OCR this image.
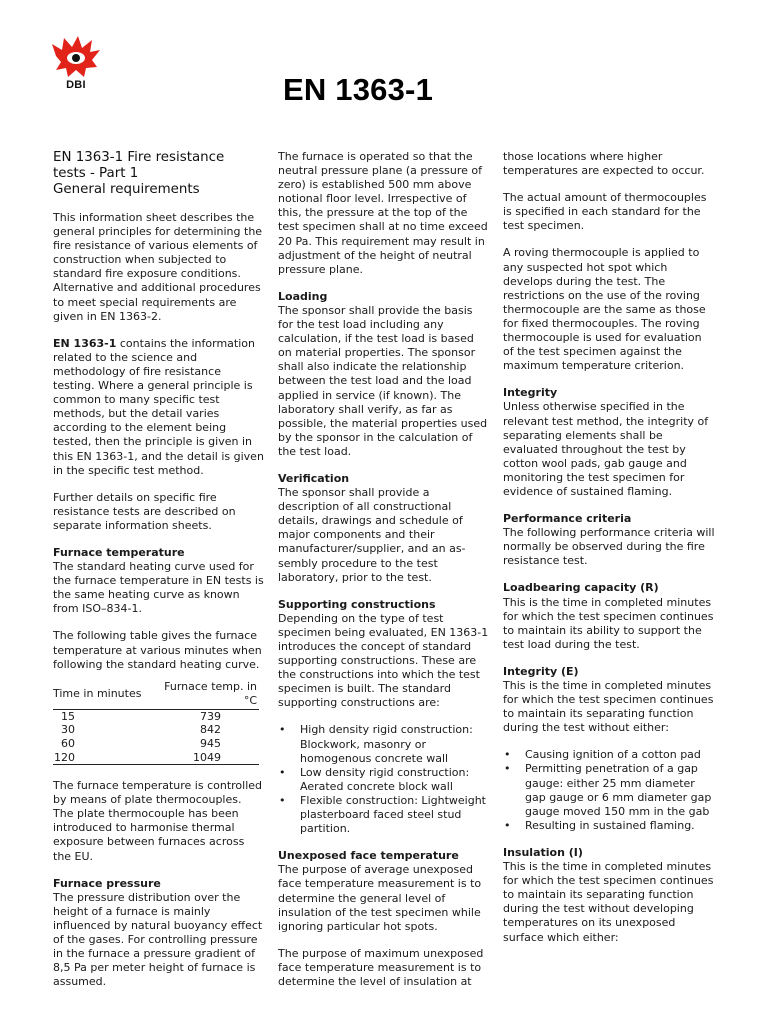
DBI	EN 1363-1
EN 1363-1 Fire resistance
tests - Part 1
General requirements

This information sheet describes the general principles for determining the fire resistance of various elements of construction when subjected to standard fire exposure conditions. Alternative and additional procedures to meet special requirements are given in EN 1363-2.

EN 1363-1 contains the information related to the science and methodology of fire resistance testing. Where a general principle is common to many specific test methods, but the detail varies according to the element being tested, then the principle is given in this EN 1363-1, and the detail is given in the specific test method.

Further details on specific fire resistance tests are described on separate information sheets.

Furnace temperature

The standard heating curve used for the furnace temperature in EN tests is the same heating curve as known from ISO–834-1.

The following table gives the furnace temperature at various minutes when following the standard heating curve.

Time in minutes		Furnace temp. in °C
15		739
30		842
60		945
120		1049

The furnace temperature is controlled by means of plate thermocouples. The plate thermocouple has been introduced to harmonise thermal exposure between furnaces across the EU.

Furnace pressure

The pressure distribution over the height of a furnace is mainly influenced by natural buoyancy effect of the gases. For controlling pressure in the furnace a pressure gradient of 8,5 Pa per meter height of furnace is assumed.

The furnace is operated so that the neutral pressure plane (a pressure of zero) is established 500 mm above notional floor level. Irrespective of this, the pressure at the top of the test specimen shall at no time exceed 20 Pa. This requirement may result in adjustment of the height of neutral pressure plane.

Loading

The sponsor shall provide the basis for the test load including any calculation, if the test load is based on material properties. The sponsor shall also indicate the relationship between the test load and the load applied in service (if known). The laboratory shall verify, as far as possible, the material properties used by the sponsor in the calculation of the test load.

Verification

The sponsor shall provide a description of all constructional details, drawings and schedule of major components and their manufacturer/supplier, and an as-sembly procedure to the test laboratory, prior to the test.

Supporting constructions

Depending on the type of test specimen being evaluated, EN 1363-1 introduces the concept of standard supporting constructions. These are the constructions into which the test specimen is built. The standard supporting constructions are:

• High density rigid construction: Blockwork, masonry or homogenous concrete wall
• Low density rigid construction: Aerated concrete block wall
• Flexible construction: Lightweight plasterboard faced steel stud partition.
Unexposed face temperature

The purpose of average unexposed face temperature measurement is to determine the general level of insulation of the test specimen while ignoring particular hot spots.

The purpose of maximum unexposed face temperature measurement is to determine the level of insulation at

those locations where higher temperatures are expected to occur.

The actual amount of thermocouples is specified in each standard for the test specimen.

A roving thermocouple is applied to any suspected hot spot which develops during the test. The restrictions on the use of the roving thermocouple are the same as those for fixed thermocouples. The roving thermocouple is used for evaluation of the test specimen against the maximum temperature criterion.

Integrity

Unless otherwise specified in the relevant test method, the integrity of separating elements shall be evaluated throughout the test by cotton wool pads, gab gauge and monitoring the test specimen for evidence of sustained flaming.

Performance criteria

The following performance criteria will normally be observed during the fire resistance test.

Loadbearing capacity (R)

This is the time in completed minutes for which the test specimen continues to maintain its ability to support the test load during the test.

Integrity (E)

This is the time in completed minutes for which the test specimen continues to maintain its separating function during the test without either:

• Causing ignition of a cotton pad
• Permitting penetration of a gap gauge: either 25 mm diameter gap gauge or 6 mm diameter gap gauge moved 150 mm in the gab
• Resulting in sustained flaming.
Insulation (I)

This is the time in completed minutes for which the test specimen continues to maintain its separating function during the test without developing temperatures on its unexposed surface which either:
